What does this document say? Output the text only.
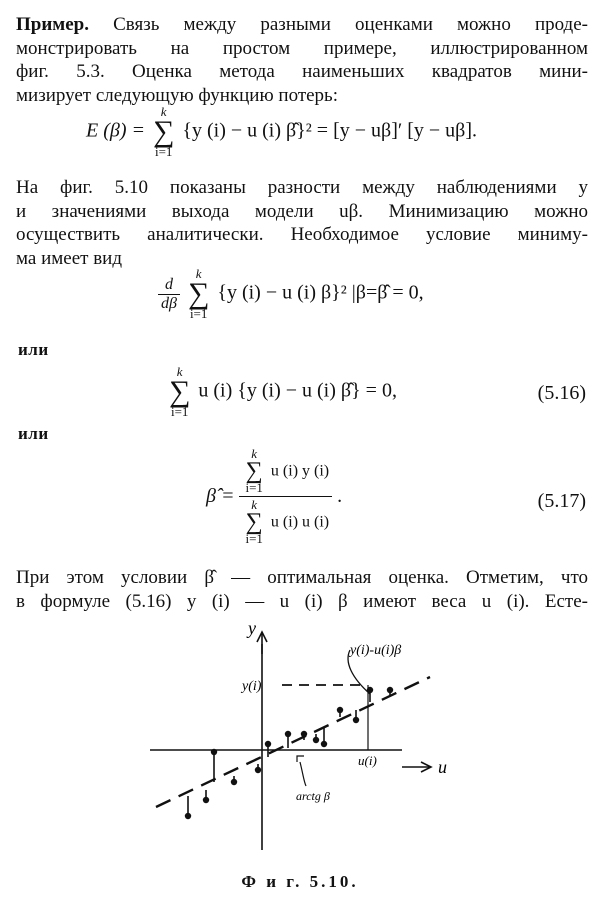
Пример. Связь между разными оценками можно проде-
монстрировать на простом примере, иллюстрированном
фиг. 5.3. Оценка метода наименьших квадратов мини-
мизирует следующую функцию потерь:
E (β) =
k
∑
i=1
{y (i) − u (i) β̂}² = [y − uβ]′ [y − uβ].
На фиг. 5.10 показаны разности между наблюдениями y
и значениями выхода модели uβ. Минимизацию можно
осуществить аналитически. Необходимое условие миниму-
ма имеет вид
$\frac{d}{d\beta}$

k
∑
i=1
{y (i) − u (i) β}² |β=β̂ = 0,
или
k
∑
i=1
u (i) {y (i) − u (i) β̂} = 0,	(5.16)
или
β̂ = k
∑
i=1
u (i) y (i)
k
∑
i=1
u (i) u (i) .	(5.17)
При этом условии β̂ — оптимальная оценка. Отметим, что
в формуле (5.16) y (i) — u (i) β имеют веса u (i). Есте-
y
u
y(i)-u(i)β
y(i)
u(i)
arctg β
Ф и г. 5.10.
